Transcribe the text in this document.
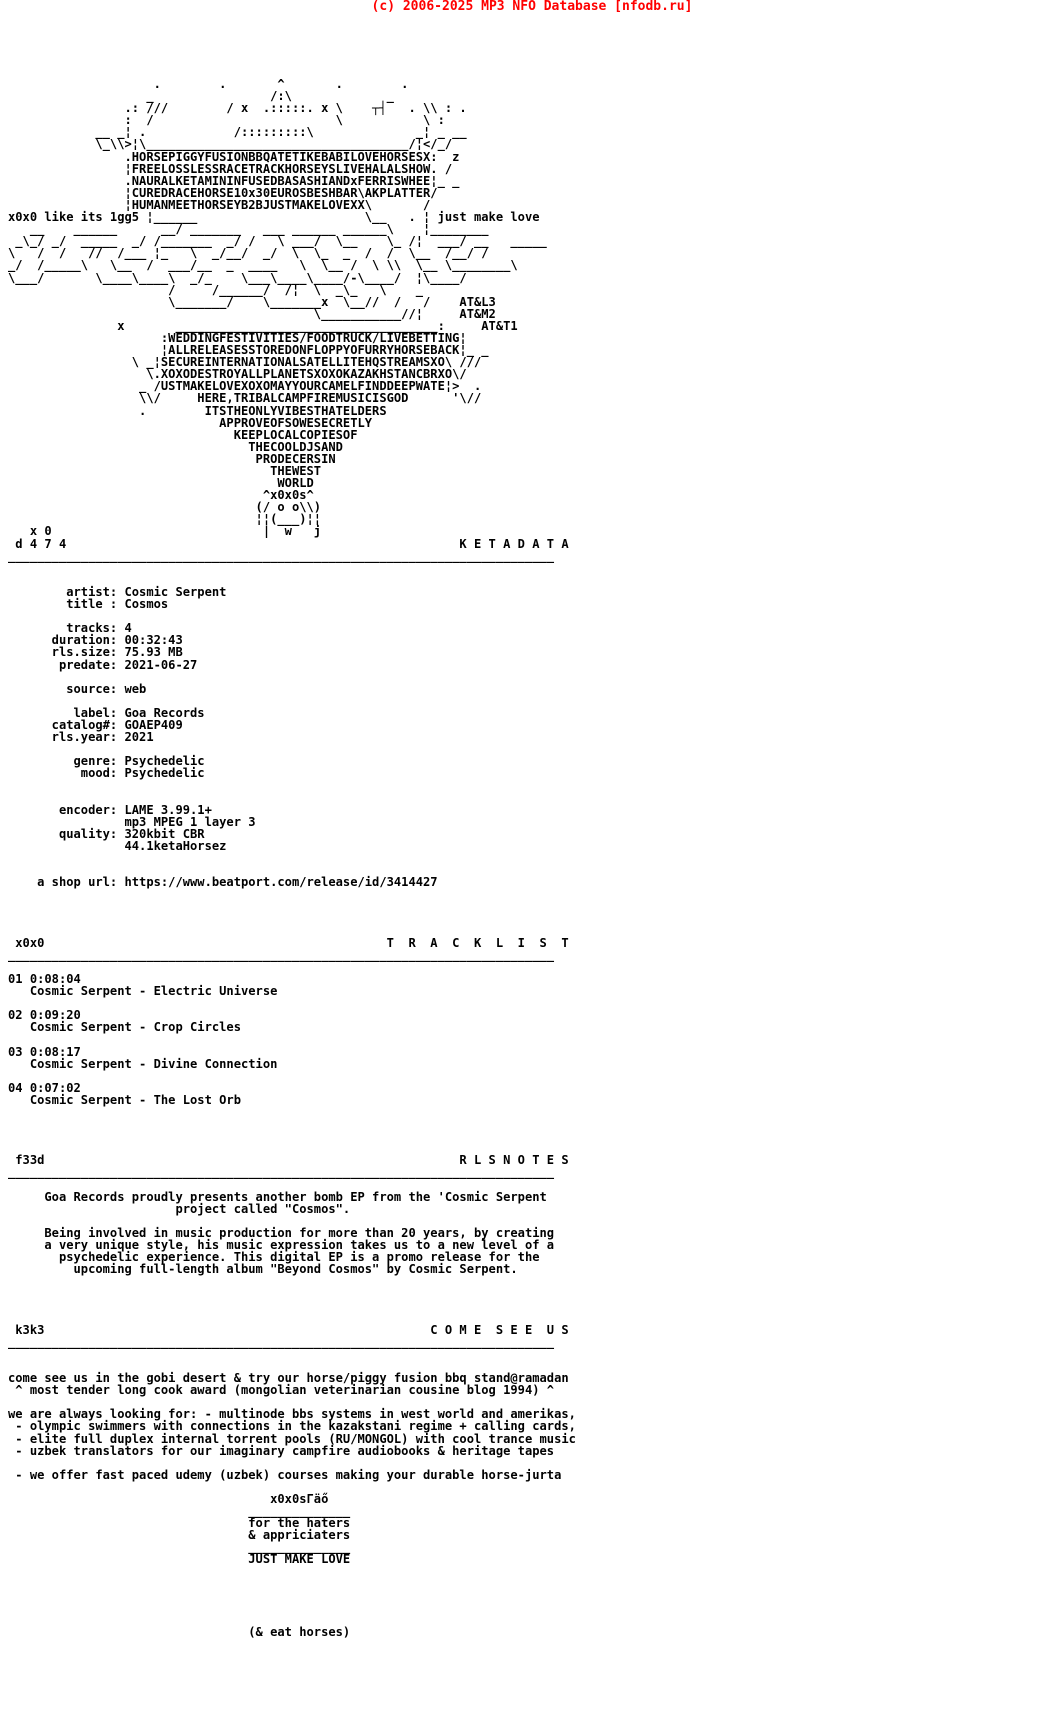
(c) 2006-2025 MP3 NFO Database [nfodb.ru]
.        .       ^       .        .
_                /:\             _
.: ///        / x  .:::::. x \    ┬┤   . \\ : .
:  /                         \           \ :
__ _¦ .            /:::::::::\              _¦ _ __
\_\\>¦\____________________________________/¦</_/
.HORSEPIGGYFUSIONBBQATETIKEBABILOVEHORSESX:  z
¦FREELOSSLESSRACETRACKHORSEYSLIVEHALALSHOW. /
.NAURALKETAMININFUSEDBASASHIANDxFERRISWHEE¦_ _
¦CUREDRACEHORSE10x30EUROSBESHBAR\AKPLATTER/
¦HUMANMEETHORSEYB2BJUSTMAKELOVEXX\       /
x0x0 like its 1gg5 ¦______                       \__   . ¦ just make love
__    ______      __/ _______   ___ ______ ______\    ¦________
_\_/ _/  _____  _/ /_______  _/ /   \ ___/  \__    \_ /¦  ___/ __   _____
\   /  /   //  /___ ¦_   \  _/__/  _/  \  \_  _  /  /  \__  /__/ /
_/  /_____\   \__  /  ___/__  _  ____   \  \__ /  \ \\  \__ \________\
\___/       \____\____\  _/_    \___\____\____/-\____/  ¦\____/
/     /______/  /¦  \  _\_   \    _
\_______/    \_______x  \__//  /   /    AT&L3
\___________//¦     AT&M2
x       ____________________________________:     AT&T1
:WEDDINGFESTIVITIES/FOODTRUCK/LIVEBETTING¦
¦ALLRELEASESSTOREDONFLOPPYOFURRYHORSEBACK¦_ _
\ _¦SECUREINTERNATIONALSATELLITEHQSTREAMSXO\ ///
\.XOXODESTROYALLPLANETSXOXOKAZAKHSTANCBRXO\/
_ /USTMAKELOVEXOXOMAYYOURCAMELFINDDEEPWATE¦>  .
\\/     HERE,TRIBALCAMPFIREMUSICISGOD      '\//
.        ITSTHEONLYVIBESTHATELDERS
APPROVEOFSOWESECRETLY
KEEPLOCALCOPIESOF
THECOOLDJSAND
PRODECERSIN
THEWEST
WORLD
^x0x0s^
(/ o o\\)
¦¦(___)¦¦
x 0                             |  w   j
d 4 7 4                                                      K E T A D A T A
___________________________________________________________________________

artist: Cosmic Serpent
title : Cosmos

tracks: 4
duration: 00:32:43
rls.size: 75.93 MB
predate: 2021-06-27

source: web

label: Goa Records
catalog#: GOAEP409
rls.year: 2021

genre: Psychedelic
mood: Psychedelic

encoder: LAME 3.99.1+
mp3 MPEG 1 layer 3
quality: 320kbit CBR
44.1ketaHorsez

a shop url: https://www.beatport.com/release/id/3414427

x0x0                                               T  R  A  C  K  L  I  S  T
___________________________________________________________________________

01 0:08:04
Cosmic Serpent - Electric Universe

02 0:09:20
Cosmic Serpent - Crop Circles

03 0:08:17
Cosmic Serpent - Divine Connection

04 0:07:02
Cosmic Serpent - The Lost Orb

f33d                                                         R L S N O T E S
___________________________________________________________________________

Goa Records proudly presents another bomb EP from the 'Cosmic Serpent
project called "Cosmos".

Being involved in music production for more than 20 years, by creating
a very unique style, his music expression takes us to a new level of a
psychedelic experience. This digital EP is a promo release for the
upcoming full-length album "Beyond Cosmos" by Cosmic Serpent.

k3k3                                                     C O M E  S E E  U S
___________________________________________________________________________

come see us in the gobi desert & try our horse/piggy fusion bbq stand@ramadan
^ most tender long cook award (mongolian veterinarian cousine blog 1994) ^

we are always looking for: - multinode bbs systems in west world and amerikas,
- olympic swimmers with connections in the kazakstani regime + calling cards,
- elite full duplex internal torrent pools (RU/MONGOL) with cool trance music
- uzbek translators for our imaginary campfire audiobooks & heritage tapes

- we offer fast paced udemy (uzbek) courses making your durable horse-jurta

x0x0sГäő
______________
for the haters
& appriciaters
______________
JUST MAKE LOVE

(& eat horses)
